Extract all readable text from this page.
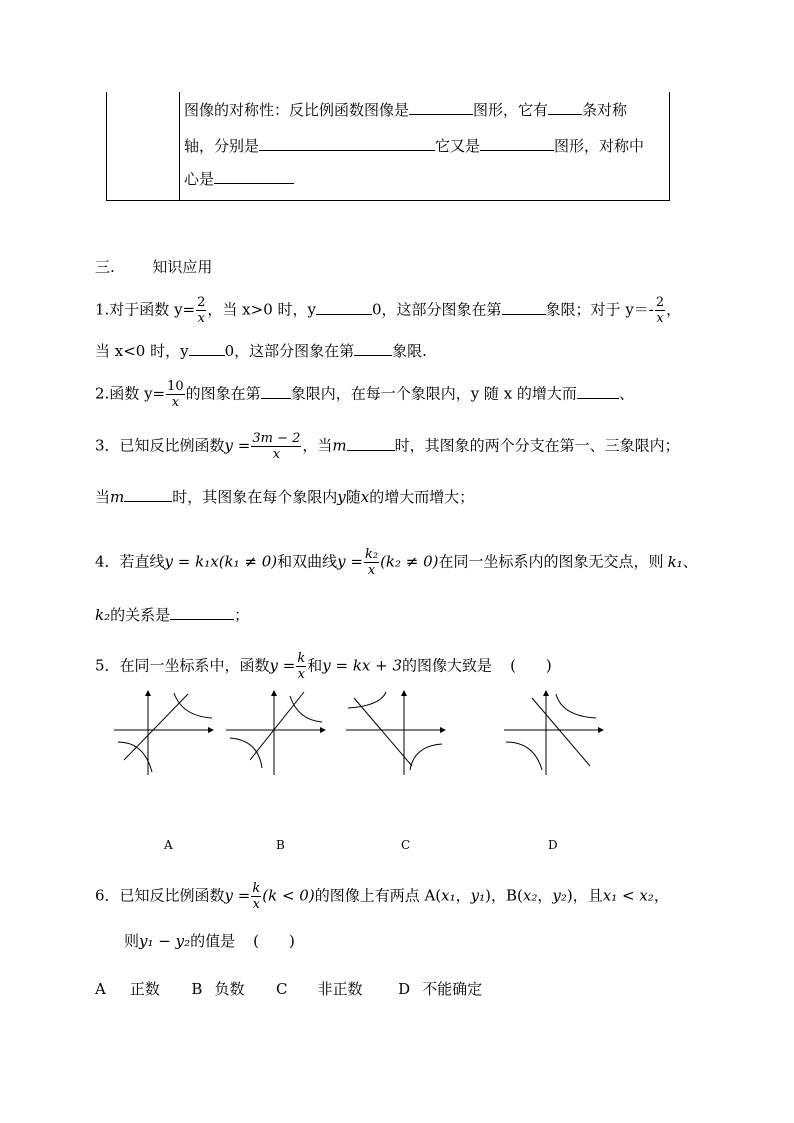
图像的对称性：反比例函数图像是	图形，它有 条对称
轴，分别是	它又是	图形，对称中
心是
三.	知识应用
1.对于函数 $y= \frac{2}{x}$ ，当 x>0 时，y	0，这部分图象在第	象限；对于 $y=- \frac{2}{x}$ ，
当 x<0 时，y 0，这部分图象在第	象限.
2.函数 $y= \frac{10}{x}$ 的图象在第 象限内，在每一个象限内，y 随 x 的增大而	、
3．已知反比例函数$y = \frac{3m - 2}{x}$ ，当m	时，其图象的两个分支在第一、三象限内；
当m	时，其图象在每个象限内y随x的增大而增大；
4．若直线y = k₁x(k₁ ≠ 0)和双曲线$y = \frac{\text{k₂}}{x} (k_2 \ne 0)$在同一坐标系内的图象无交点，则 k₁、
k₂的关系是	；
5．在同一坐标系中，函数$y = \frac{k}{x}$ 和y = kx + 3的图像大致是 (　　)
A	B	C	D
6．已知反比例函数$y = \frac{k}{x} (k < 0)$的图像上有两点 A(x₁，y₁)，B(x₂，y₂)，且x₁ < x₂，
则y₁ − y₂的值是 (　　)
A 正数 B 负数 C 非正数 D 不能确定
